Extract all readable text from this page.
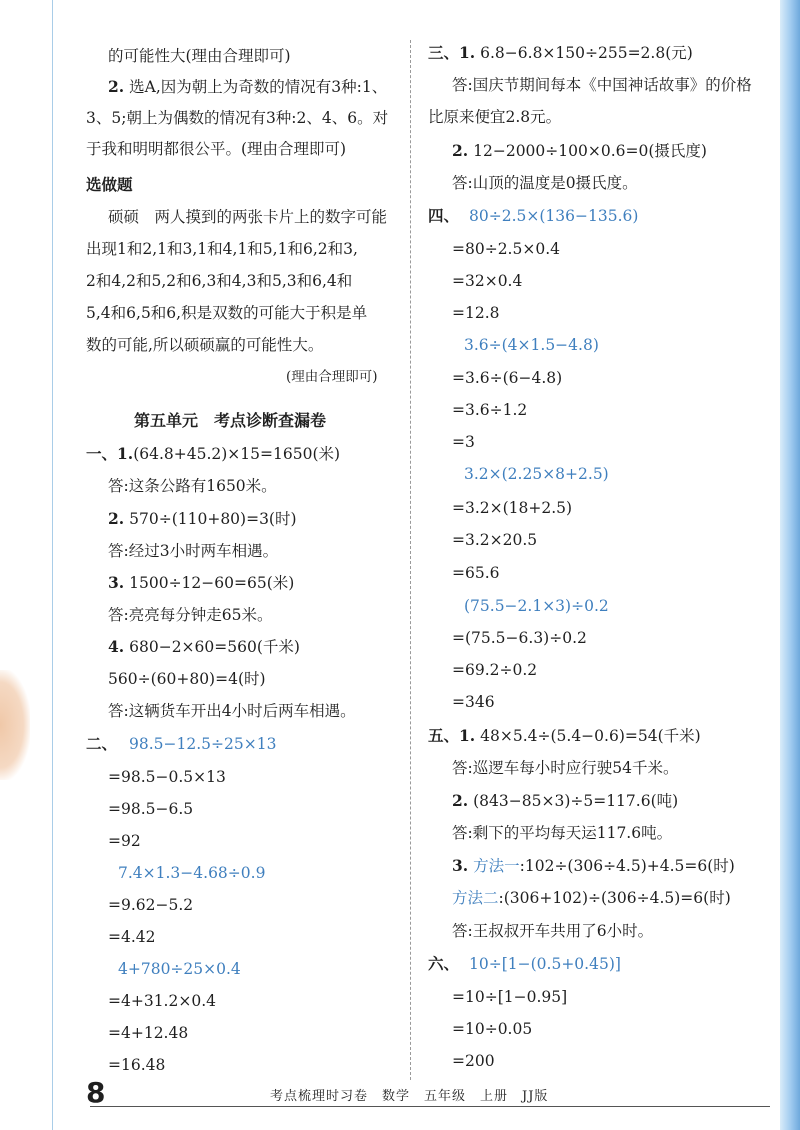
的可能性大(理由合理即可)
2. 选A,因为朝上为奇数的情况有3种:1、
3、5;朝上为偶数的情况有3种:2、4、6。对
于我和明明都很公平。(理由合理即可)
选做题
硕硕　两人摸到的两张卡片上的数字可能
出现1和2,1和3,1和4,1和5,1和6,2和3,
2和4,2和5,2和6,3和4,3和5,3和6,4和
5,4和6,5和6,积是双数的可能大于积是单
数的可能,所以硕硕赢的可能性大。
(理由合理即可)
第五单元　考点诊断查漏卷
一、1.(64.8+45.2)×15=1650(米)
答:这条公路有1650米。
2. 570÷(110+80)=3(时)
答:经过3小时两车相遇。
3. 1500÷12−60=65(米)
答:亮亮每分钟走65米。
4. 680−2×60=560(千米)
560÷(60+80)=4(时)
答:这辆货车开出4小时后两车相遇。
二、 98.5−12.5÷25×13
=98.5−0.5×13
=98.5−6.5
=92
7.4×1.3−4.68÷0.9
=9.62−5.2
=4.42
4+780÷25×0.4
=4+31.2×0.4
=4+12.48
=16.48
三、1. 6.8−6.8×150÷255=2.8(元)
答:国庆节期间每本《中国神话故事》的价格
比原来便宜2.8元。
2. 12−2000÷100×0.6=0(摄氏度)
答:山顶的温度是0摄氏度。
四、 80÷2.5×(136−135.6)
=80÷2.5×0.4
=32×0.4
=12.8
3.6÷(4×1.5−4.8)
=3.6÷(6−4.8)
=3.6÷1.2
=3
3.2×(2.25×8+2.5)
=3.2×(18+2.5)
=3.2×20.5
=65.6
(75.5−2.1×3)÷0.2
=(75.5−6.3)÷0.2
=69.2÷0.2
=346
五、1. 48×5.4÷(5.4−0.6)=54(千米)
答:巡逻车每小时应行驶54千米。
2. (843−85×3)÷5=117.6(吨)
答:剩下的平均每天运117.6吨。
3. 方法一:102÷(306÷4.5)+4.5=6(时)
方法二:(306+102)÷(306÷4.5)=6(时)
答:王叔叔开车共用了6小时。
六、 10÷[1−(0.5+0.45)]
=10÷[1−0.95]
=10÷0.05
=200
8	考点梳理时习卷　数学　五年级　上册　JJ版
